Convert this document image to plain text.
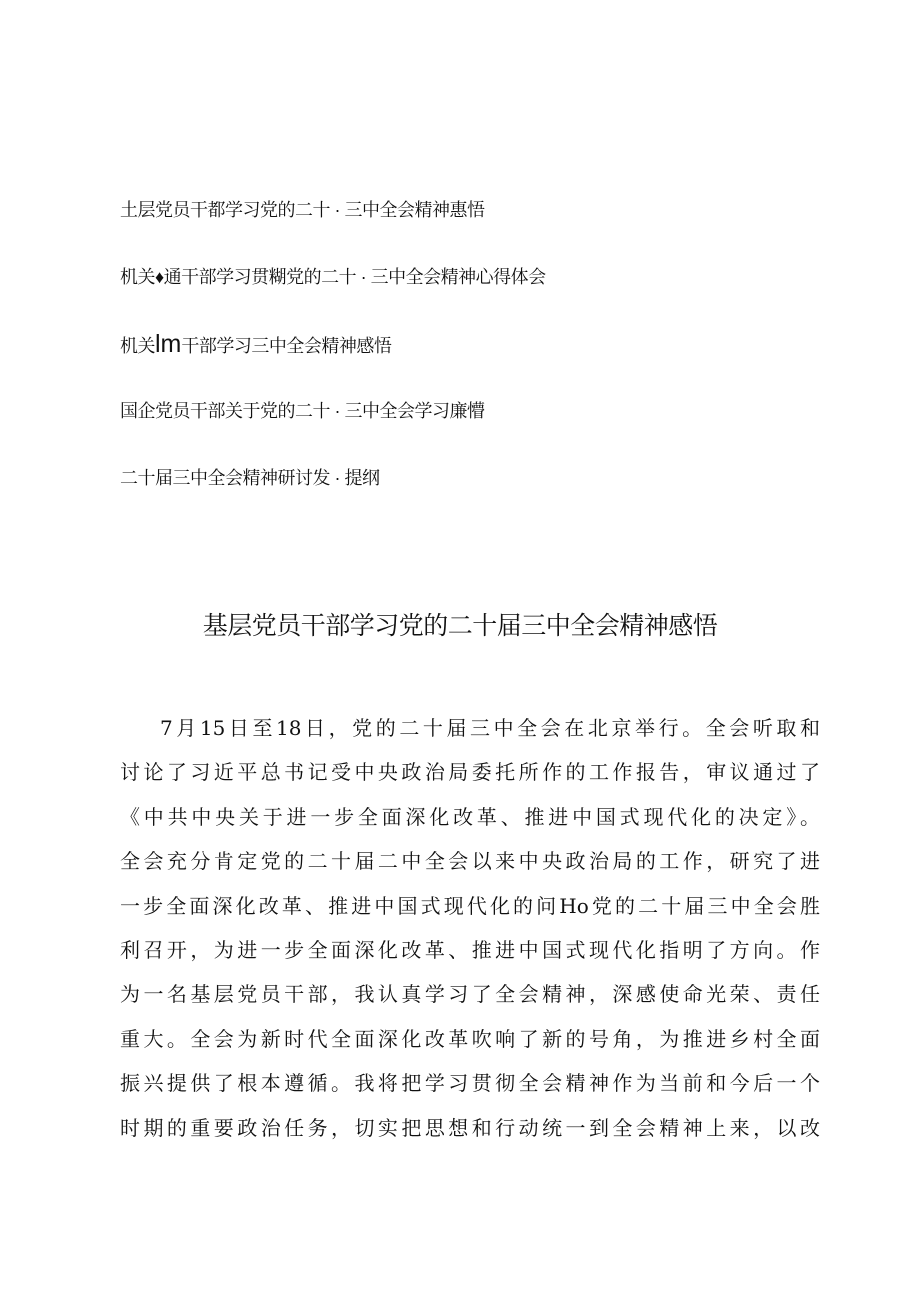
土层党员干都学习党的二十 · 三中全会精神惠悟
机关♦通干部学习贯糊党的二十 · 三中全会精神心得体会
机关lm干部学习三中全会精神感悟
国企党员干部关于党的二十 · 三中全会学习廉懵
二十届三中全会精神研讨发 · 提纲
基层党员干部学习党的二十届三中全会精神感悟
7月15日至18日，党的二十届三中全会在北京举行。全会听取和
讨论了习近平总书记受中央政治局委托所作的工作报告，审议通过了
《中共中央关于进一步全面深化改革、推进中国式现代化的决定》。
全会充分肯定党的二十届二中全会以来中央政治局的工作，研究了进
一步全面深化改革、推进中国式现代化的问Ho党的二十届三中全会胜
利召开，为进一步全面深化改革、推进中国式现代化指明了方向。作
为一名基层党员干部，我认真学习了全会精神，深感使命光荣、责任
重大。全会为新时代全面深化改革吹响了新的号角，为推进乡村全面
振兴提供了根本遵循。我将把学习贯彻全会精神作为当前和今后一个
时期的重要政治任务，切实把思想和行动统一到全会精神上来，以改
